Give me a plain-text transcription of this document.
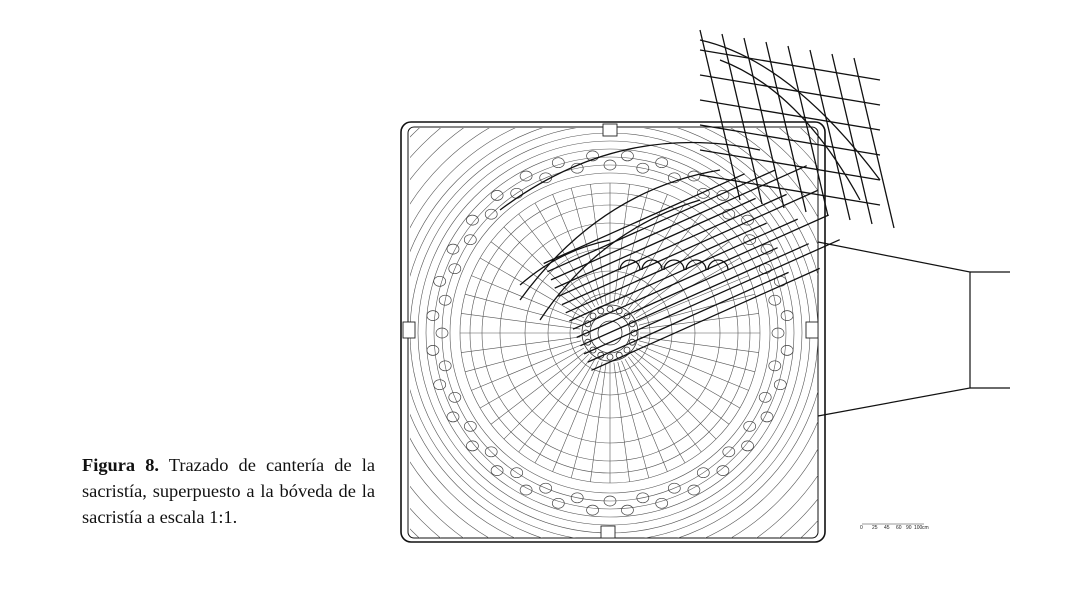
0 25 45 60 90 100 cm
Figura 8. Trazado de cantería de la sacristía, superpuesto a la bóveda de la sacristía a escala 1:1.
